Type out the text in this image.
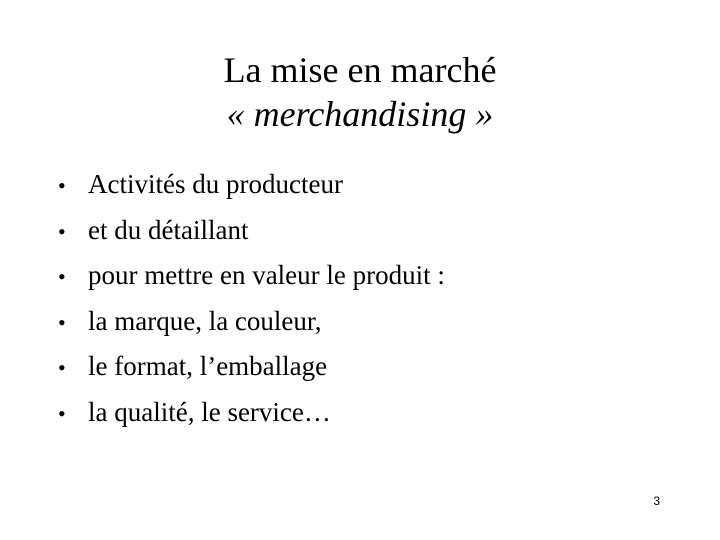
La mise en marché
« merchandising »
• Activités du producteur
• et du détaillant
• pour mettre en valeur le produit :
• la marque, la couleur,
• le format, l’emballage
• la qualité, le service…
3
